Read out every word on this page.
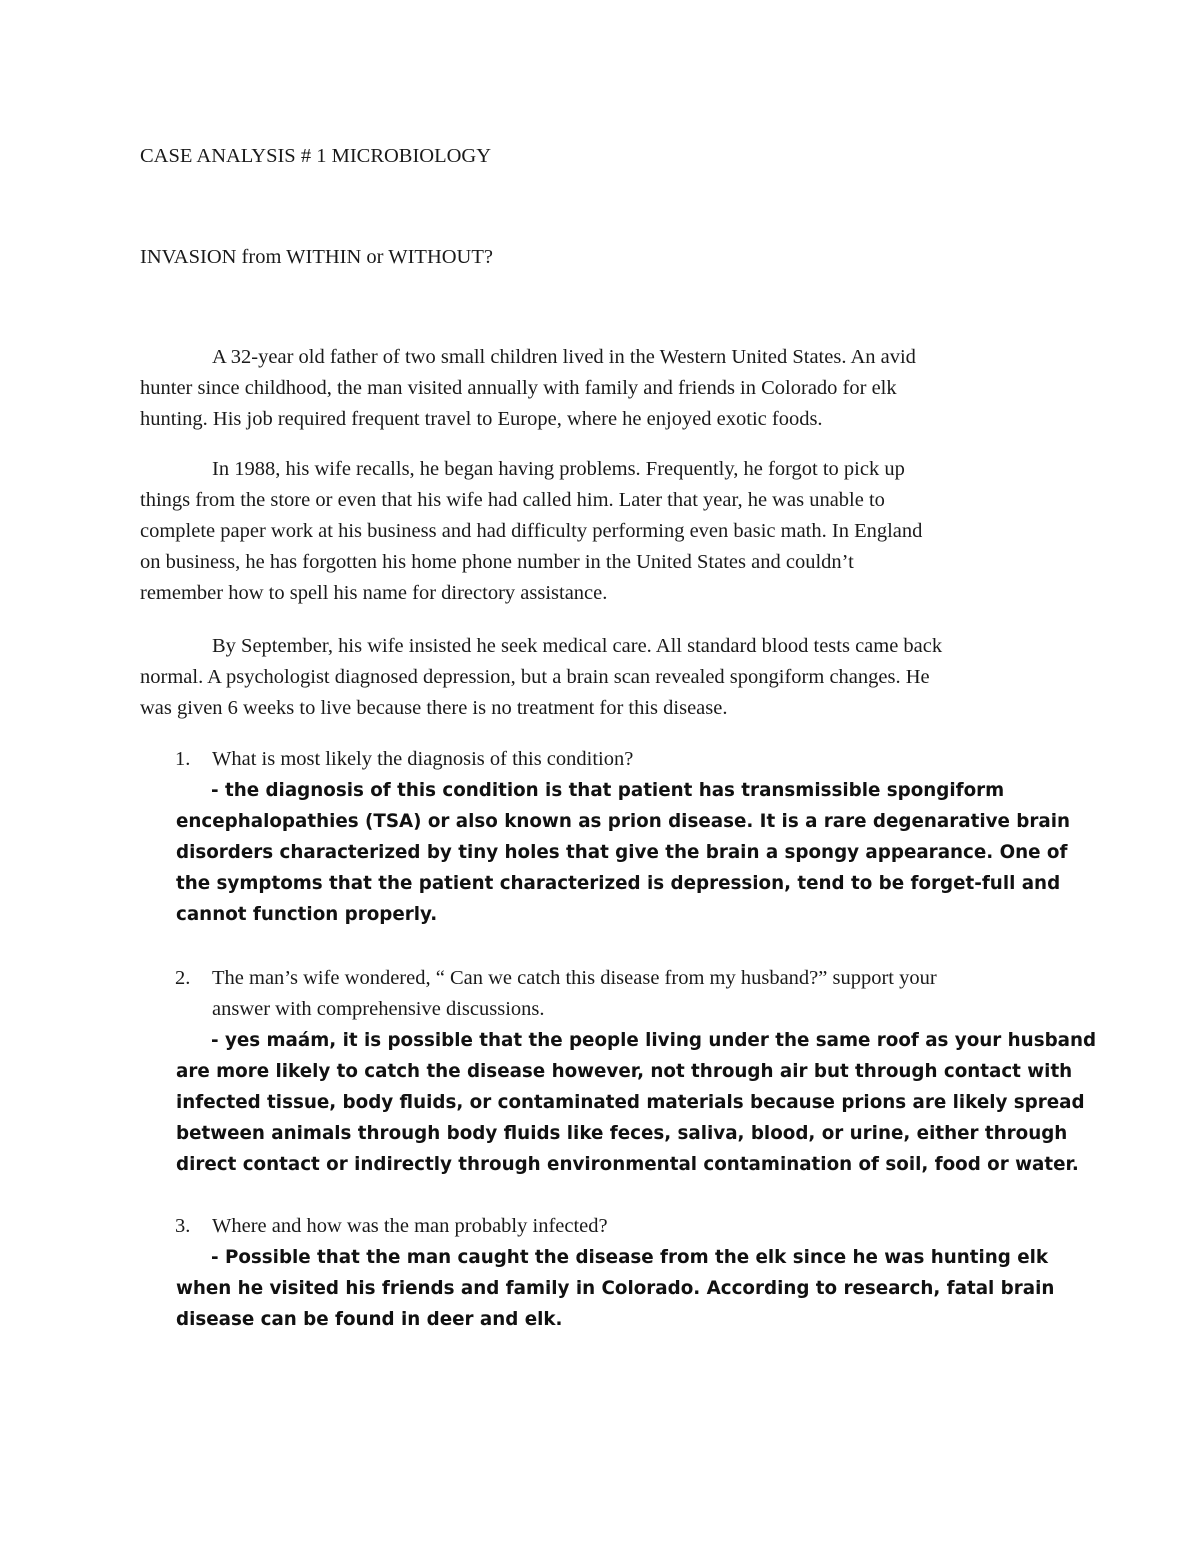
CASE ANALYSIS # 1 MICROBIOLOGY
INVASION from WITHIN or WITHOUT?
A 32-year old father of two small children lived in the Western United States. An avid
hunter since childhood, the man visited annually with family and friends in Colorado for elk
hunting. His job required frequent travel to Europe, where he enjoyed exotic foods.
In 1988, his wife recalls, he began having problems. Frequently, he forgot to pick up
things from the store or even that his wife had called him. Later that year, he was unable to
complete paper work at his business and had difficulty performing even basic math. In England
on business, he has forgotten his home phone number in the United States and couldn’t
remember how to spell his name for directory assistance.
By September, his wife insisted he seek medical care. All standard blood tests came back
normal. A psychologist diagnosed depression, but a brain scan revealed spongiform changes. He
was given 6 weeks to live because there is no treatment for this disease.
1.	What is most likely the diagnosis of this condition?
- the diagnosis of this condition is that patient has transmissible spongiform
encephalopathies (TSA) or also known as prion disease. It is a rare degenarative brain
disorders characterized by tiny holes that give the brain a spongy appearance. One of
the symptoms that the patient characterized is depression, tend to be forget-full and
cannot function properly.
2.	The man’s wife wondered, “ Can we catch this disease from my husband?” support your
answer with comprehensive discussions.
- yes maám, it is possible that the people living under the same roof as your husband
are more likely to catch the disease however, not through air but through contact with
infected tissue, body fluids, or contaminated materials because prions are likely spread
between animals through body fluids like feces, saliva, blood, or urine, either through
direct contact or indirectly through environmental contamination of soil, food or water.
3.	Where and how was the man probably infected?
- Possible that the man caught the disease from the elk since he was hunting elk
when he visited his friends and family in Colorado. According to research, fatal brain
disease can be found in deer and elk.
